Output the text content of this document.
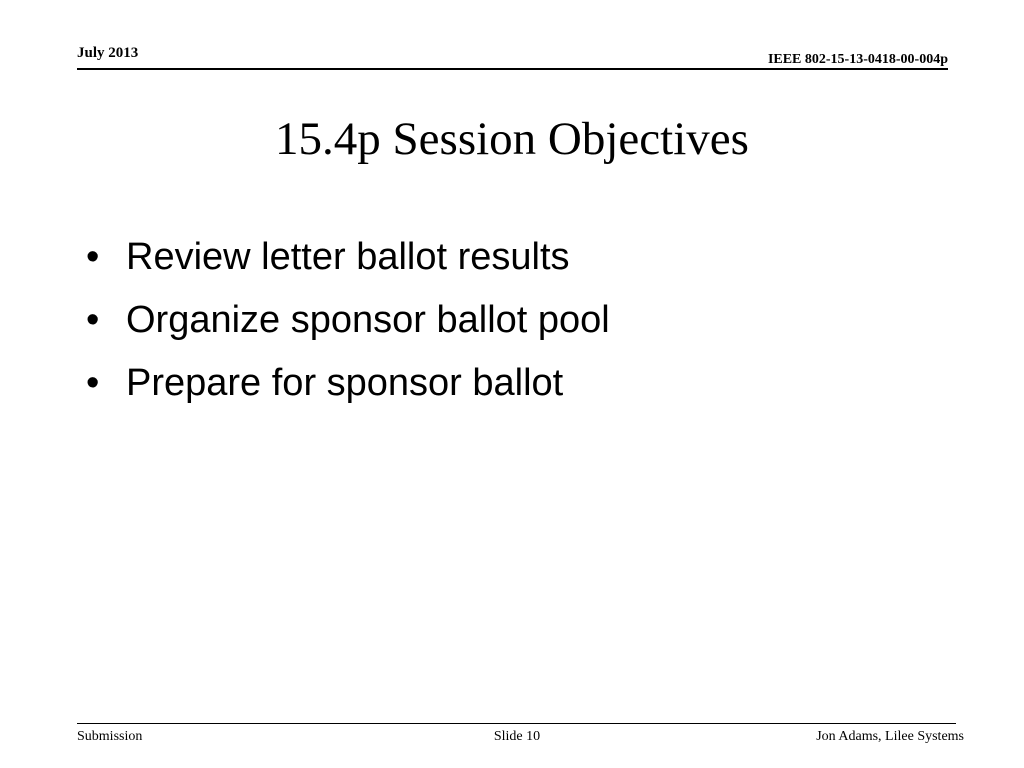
July 2013	IEEE 802-15-13-0418-00-004p
15.4p Session Objectives
• Review letter ballot results
• Organize sponsor ballot pool
• Prepare for sponsor ballot
Submission	Slide 10	Jon Adams, Lilee Systems
